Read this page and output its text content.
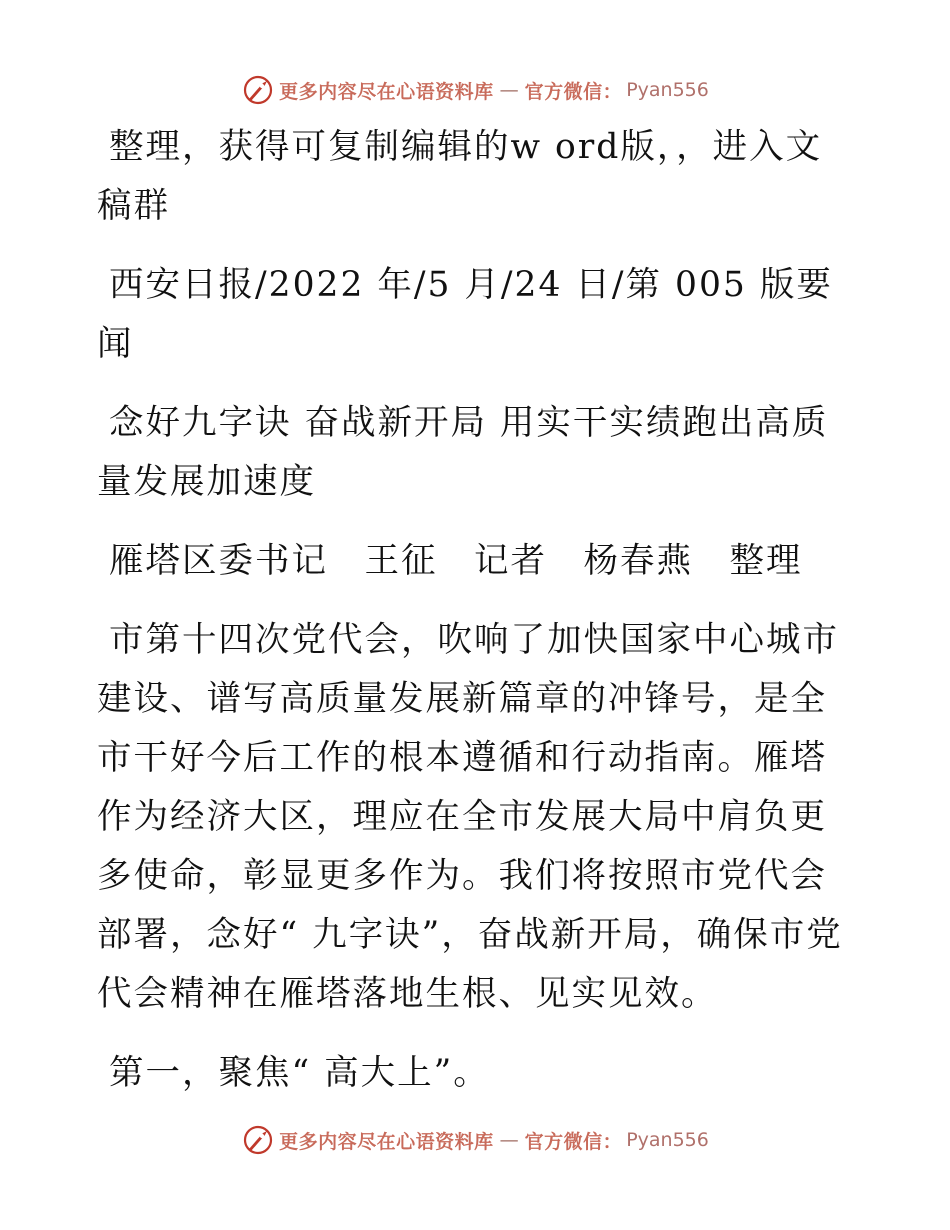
更多内容尽在心语资料库 — 官方微信： Pyan556

整理，获得可复制编辑的w ord版，，进入文稿群

西安日报/2022 年/5 月/24 日/第 005 版要闻

念好九字诀 奋战新开局 用实干实绩跑出高质量发展加速度

雁塔区委书记　王征　记者　杨春燕　整理

市第十四次党代会，吹响了加快国家中心城市建设、谱写高质量发展新篇章的冲锋号，是全市干好今后工作的根本遵循和行动指南。雁塔作为经济大区，理应在全市发展大局中肩负更多使命，彰显更多作为。我们将按照市党代会部署，念好“ 九字诀”，奋战新开局，确保市党代会精神在雁塔落地生根、见实见效。

第一，聚焦“ 高大上”。

更多内容尽在心语资料库 — 官方微信： Pyan556
